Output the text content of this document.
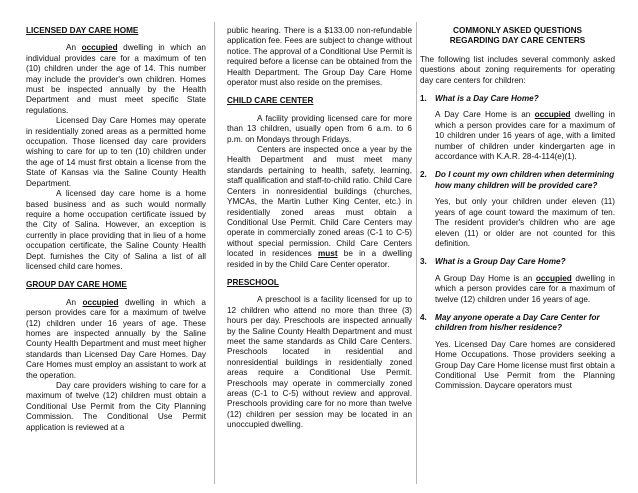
LICENSED DAY CARE HOME

An occupied dwelling in which an individual provides care for a maximum of ten (10) children under the age of 14. This number may include the provider's own children. Homes must be inspected annually by the Health Department and must meet specific State regulations.

Licensed Day Care Homes may operate in residentially zoned areas as a permitted home occupation. Those licensed day care providers wishing to care for up to ten (10) children under the age of 14 must first obtain a license from the State of Kansas via the Saline County Health Department.

A licensed day care home is a home based business and as such would normally require a home occupation certificate issued by the City of Salina. However, an exception is currently in place providing that in lieu of a home occupation certificate, the Saline County Health Dept. furnishes the City of Salina a list of all licensed child care homes.

GROUP DAY CARE HOME

An occupied dwelling in which a person provides care for a maximum of twelve (12) children under 16 years of age. These homes are inspected annually by the Saline County Health Department and must meet higher standards than Licensed Day Care Homes. Day Care Homes must employ an assistant to work at the operation.

Day care providers wishing to care for a maximum of twelve (12) children must obtain a Conditional Use Permit from the City Planning Commission. The Conditional Use Permit application is reviewed at a

public hearing. There is a $133.00 non-refundable application fee. Fees are subject to change without notice. The approval of a Conditional Use Permit is required before a license can be obtained from the Health Department. The Group Day Care Home operator must also reside on the premises.

CHILD CARE CENTER

A facility providing licensed care for more than 13 children, usually open from 6 a.m. to 6 p.m. on Mondays through Fridays.

Centers are inspected once a year by the Health Department and must meet many standards pertaining to health, safety, learning, staff qualification and staff-to-child ratio. Child Care Centers in nonresidential buildings (churches, YMCAs, the Martin Luther King Center, etc.) in residentially zoned areas must obtain a Conditional Use Permit. Child Care Centers may operate in commercially zoned areas (C-1 to C-5) without special permission. Child Care Centers located in residences must be in a dwelling resided in by the Child Care Center operator.

PRESCHOOL

A preschool is a facility licensed for up to 12 children who attend no more than three (3) hours per day. Preschools are inspected annually by the Saline County Health Department and must meet the same standards as Child Care Centers. Preschools located in residential and nonresidential buildings in residentially zoned areas require a Conditional Use Permit. Preschools may operate in commercially zoned areas (C-1 to C-5) without review and approval. Preschools providing care for no more than twelve (12) children per session may be located in an unoccupied dwelling.

COMMONLY ASKED QUESTIONS
REGARDING DAY CARE CENTERS

The following list includes several commonly asked questions about zoning requirements for operating day care centers for children:

1. What is a Day Care Home?

A Day Care Home is an occupied dwelling in which a person provides care for a maximum of 10 children under 16 years of age, with a limited number of children under kindergarten age in accordance with K.A.R. 28-4-114(e)(1).

2. Do I count my own children when determining how many children will be provided care?

Yes, but only your children under eleven (11) years of age count toward the maximum of ten. The resident provider's children who are age eleven (11) or older are not counted for this definition.

3. What is a Group Day Care Home?

A Group Day Home is an occupied dwelling in which a person provides care for a maximum of twelve (12) children under 16 years of age.

4. May anyone operate a Day Care Center for children from his/her residence?

Yes. Licensed Day Care homes are considered Home Occupations. Those providers seeking a Group Day Care Home license must first obtain a Conditional Use Permit from the Planning Commission. Daycare operators must
